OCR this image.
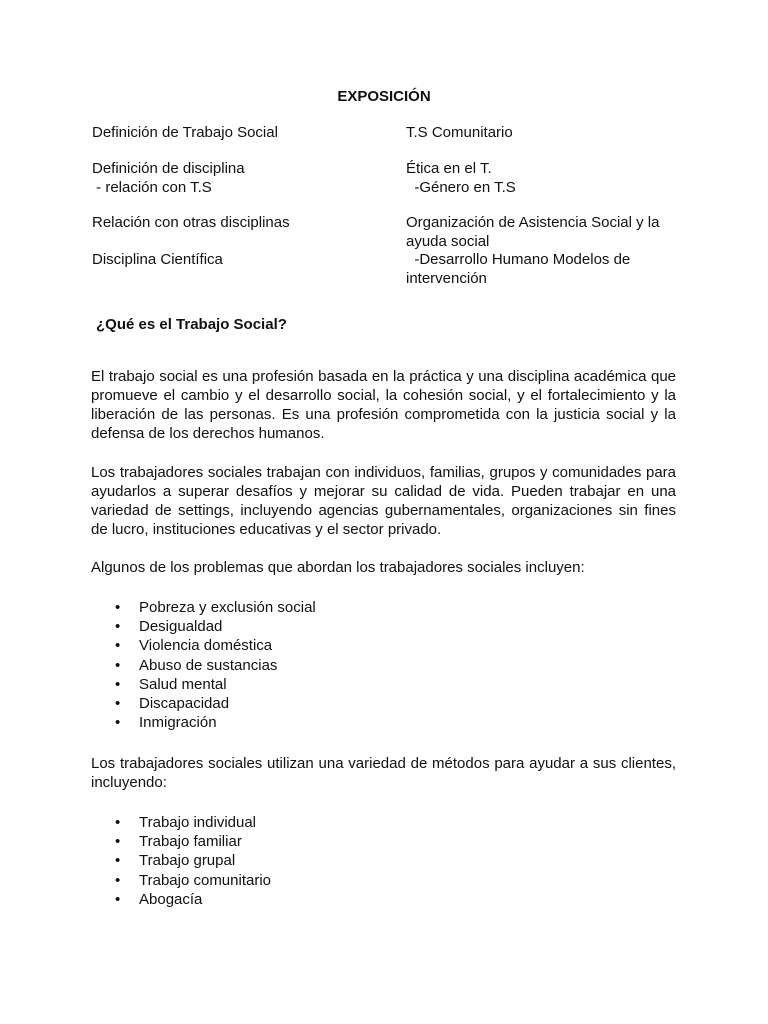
EXPOSICIÓN
Definición de Trabajo Social
Definición de disciplina
- relación con T.S
Relación con otras disciplinas
Disciplina Científica
T.S Comunitario
Ética en el T.
-Género en T.S
Organización de Asistencia Social y la
ayuda social
-Desarrollo Humano Modelos de
intervención
¿Qué es el Trabajo Social?

El trabajo social es una profesión basada en la práctica y una disciplina académica que promueve el cambio y el desarrollo social, la cohesión social, y el fortalecimiento y la liberación de las personas. Es una profesión comprometida con la justicia social y la defensa de los derechos humanos.

Los trabajadores sociales trabajan con individuos, familias, grupos y comunidades para ayudarlos a superar desafíos y mejorar su calidad de vida. Pueden trabajar en una variedad de settings, incluyendo agencias gubernamentales, organizaciones sin fines de lucro, instituciones educativas y el sector privado.

Algunos de los problemas que abordan los trabajadores sociales incluyen:

• Pobreza y exclusión social
• Desigualdad
• Violencia doméstica
• Abuso de sustancias
• Salud mental
• Discapacidad
• Inmigración

Los trabajadores sociales utilizan una variedad de métodos para ayudar a sus clientes, incluyendo:

• Trabajo individual
• Trabajo familiar
• Trabajo grupal
• Trabajo comunitario
• Abogacía
